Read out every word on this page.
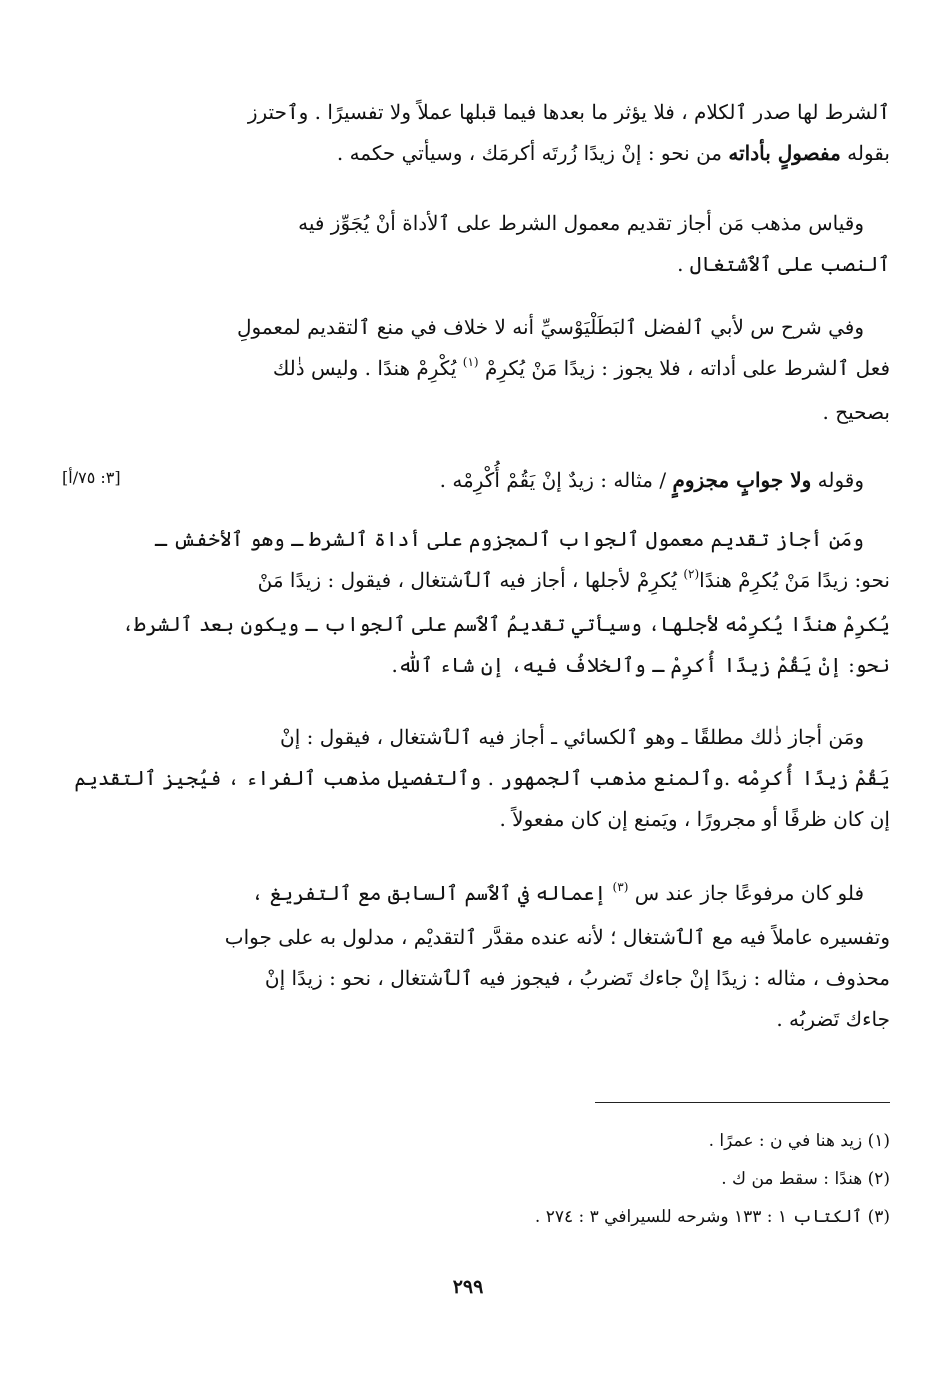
ٱلشرط لها صدر ٱلكلام ، فلا يؤثر ما بعدها فيما قبلها عملاً ولا تفسيرًا . وٱحترز
بقوله مفصولٍ بأداته من نحو : إنْ زيدًا زُرتَه أكرمَك ، وسيأتي حكمه .

وقياس مذهب مَن أجاز تقديم معمول الشرط على ٱلأداة أنْ يُجَوِّز فيه
ٱلنصب على ٱلٱشتغال .

وفي شرح س لأبي ٱلفضل ٱلبَطَلْيَوْسيِّ أنه لا خلاف في منع ٱلتقديم لمعمولِ
فعل ٱلشرط على أداته ، فلا يجوز : زيدًا مَنْ يُكرِمْ $^{(١)}$ يُكْرِمْ هندًا . وليس ذٰلك
بصحيح .

وقوله ولا جوابٍ مجزومٍ / مثاله : زيدٌ إنْ يَقُمْ أُكْرِمْه .

ومَن أجاز تقديم معمول ٱلجواب ٱلمجزوم على أداة ٱلشرط ـ وهو ٱلأخفش ـ
نحو: زيدًا مَنْ يُكرِمْ هندًا$^{(٢)}$ يُكرِمْ لأجلها ، أجاز فيه ٱلٱشتغال ، فيقول : زيدًا مَنْ
يُكرِمْ هندًا يُكرِمْه لأجلها، وسيأتي تقديمُ ٱلٱسم على ٱلجواب ـ ويكون بعد ٱلشرط،
نحو: إنْ يَقُمْ زيدًا أُكرِمْ ـ وٱلخلافُ فيه، إن شاء ٱللّٰه.

ومَن أجاز ذٰلك مطلقًا ـ وهو ٱلكسائي ـ أجاز فيه ٱلٱشتغال ، فيقول : إنْ
يَقُمْ زيدًا أُكرِمْه .وٱلمنع مذهب ٱلجمهور . وٱلتفصيل مذهب ٱلفراء ، فيُجيز ٱلتقديم
إن كان ظرفًا أو مجرورًا ، ويَمنع إن كان مفعولاً .

فلو كان مرفوعًا جاز عند س $^{(٣)}$ إعماله في ٱلٱسم ٱلسابق مع ٱلتفريغ ،
وتفسيره عاملاً فيه مع ٱلٱشتغال ؛ لأنه عنده مقدَّر ٱلتقديْم ، مدلول به على جواب
محذوف ، مثاله : زيدًا إنْ جاءك تَضربُ ، فيجوز فيه ٱلٱشتغال ، نحو : زيدًا إنْ
جاءك تَضربُه .

[٣: ٧٥/أ]
(١) زيد هنا في ن : عمرًا .
(٢) هندًا : سقط من ك .
(٣) ٱلكتاب ١ : ١٣٣ وشرحه للسيرافي ٣ : ٢٧٤ .
٢٩٩
